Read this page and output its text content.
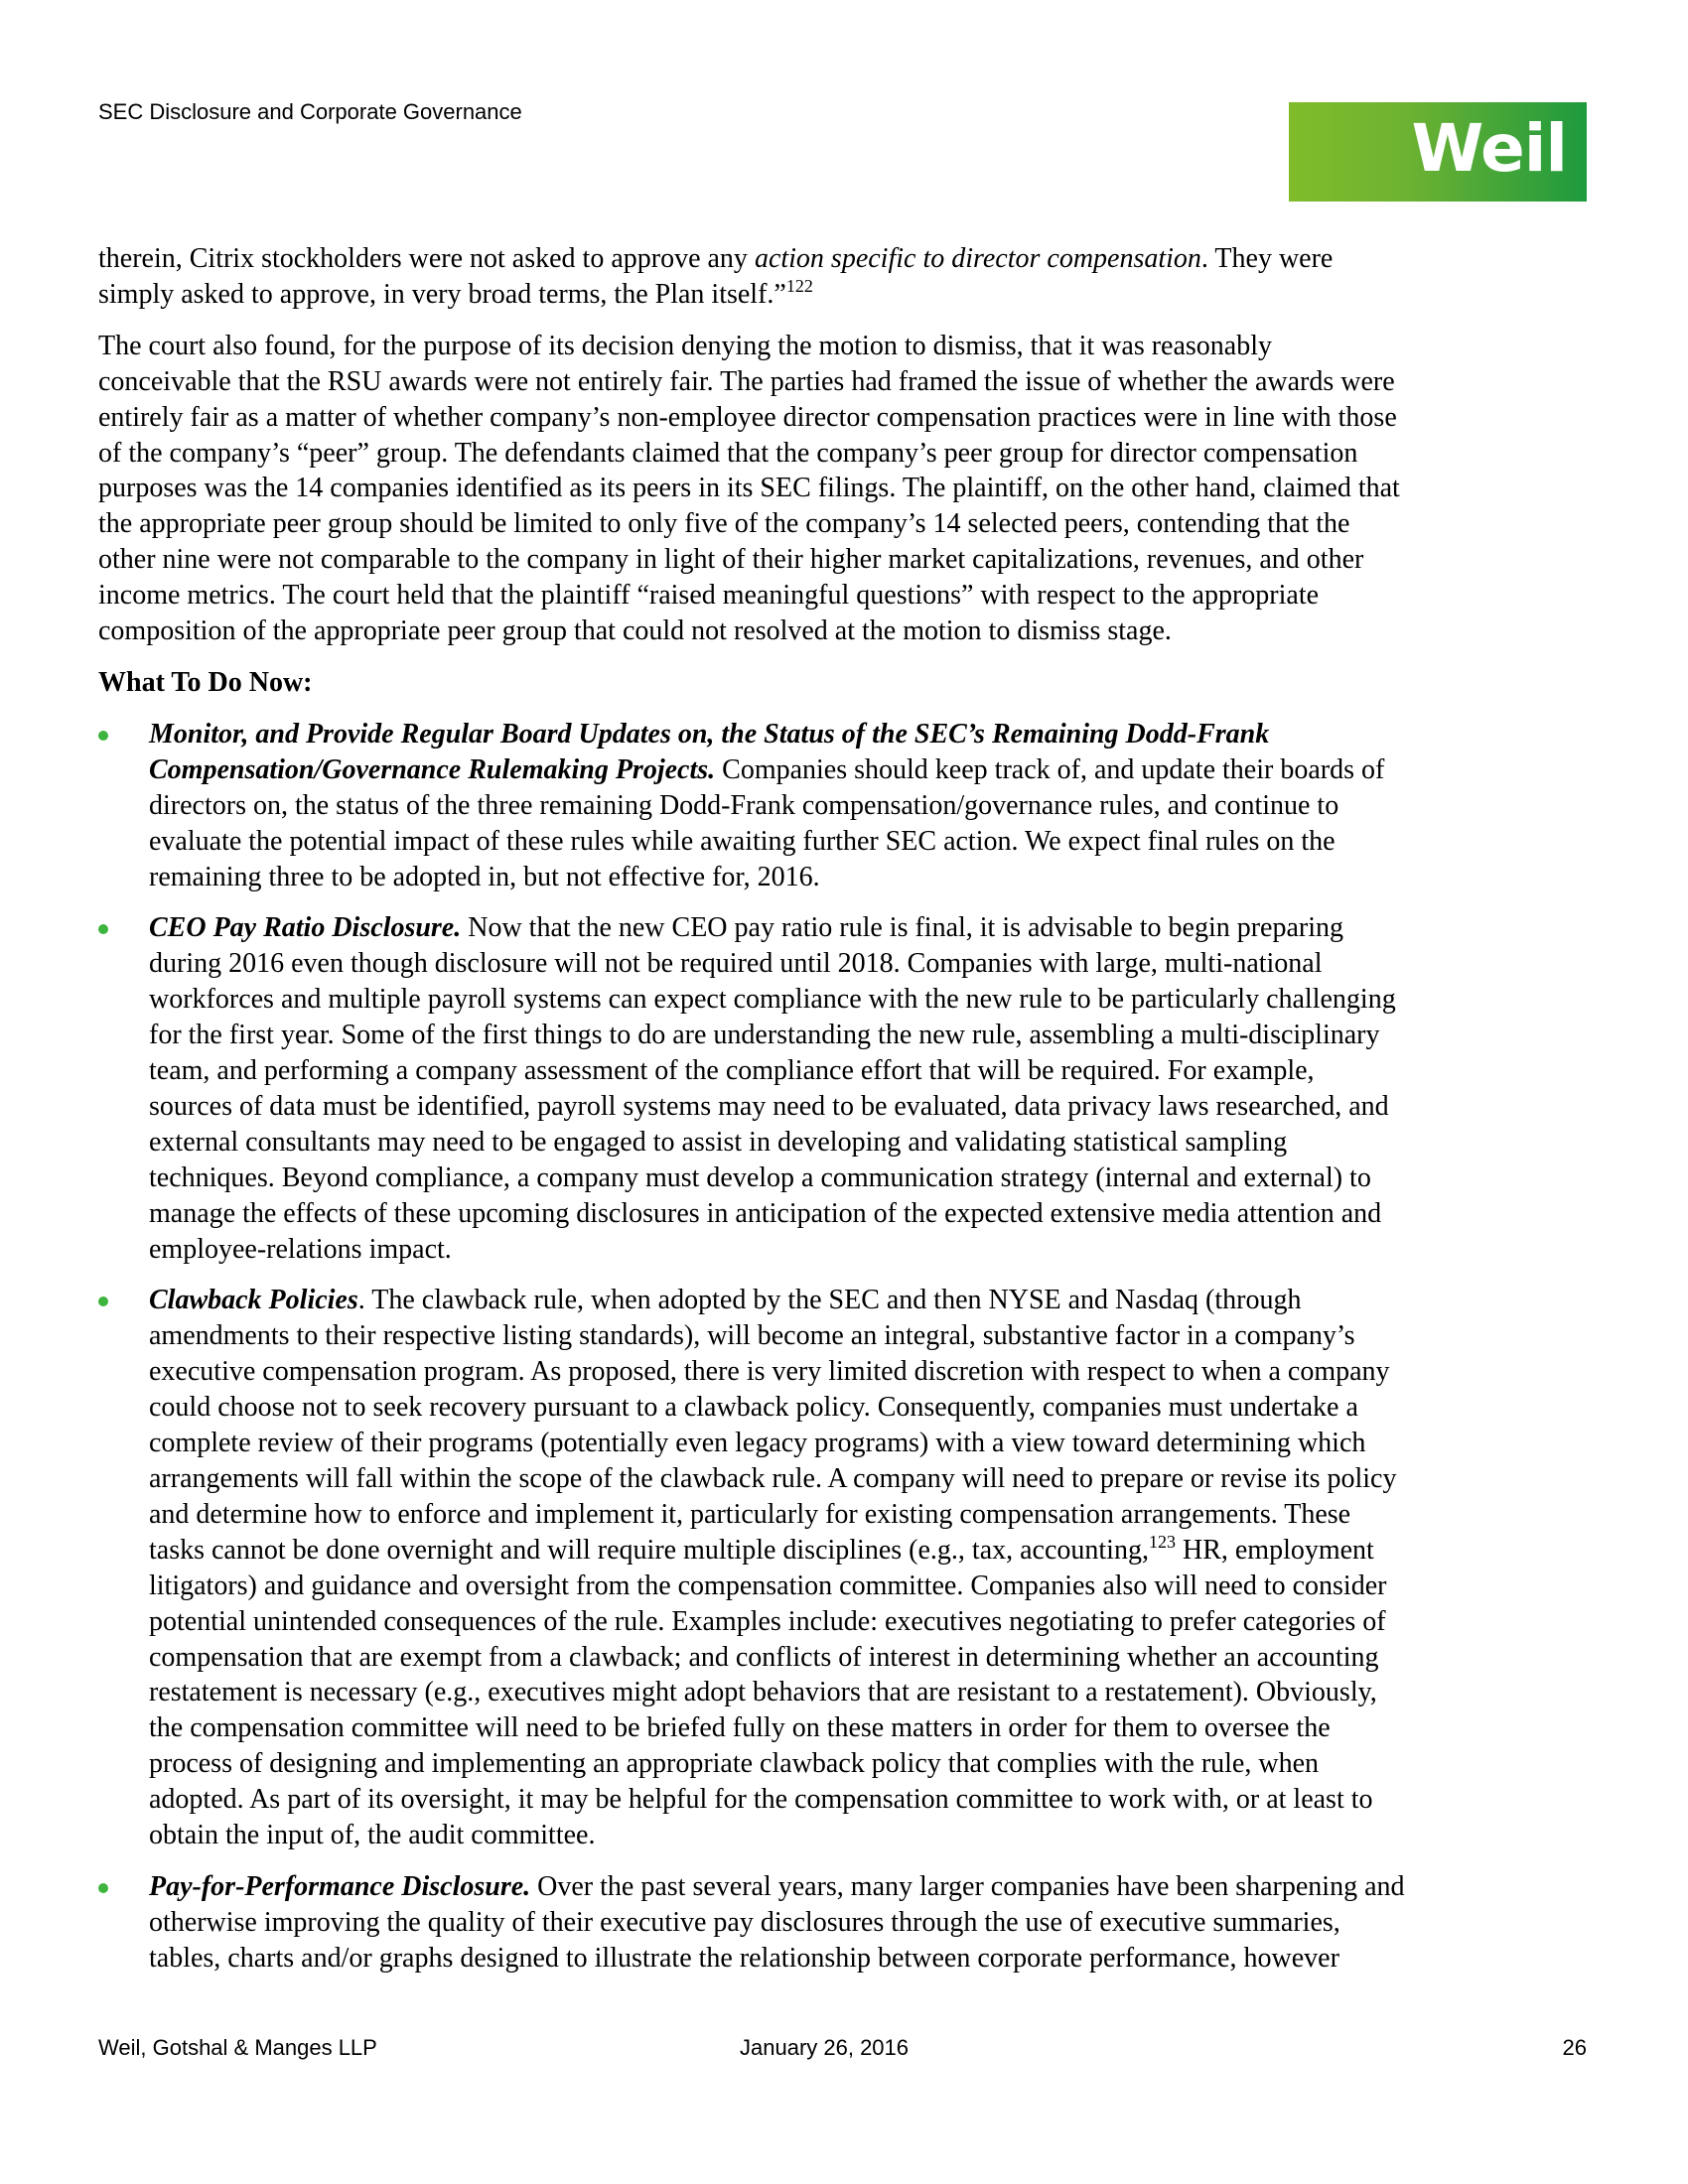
SEC Disclosure and Corporate Governance	Weil
therein, Citrix stockholders were not asked to approve any action specific to director compensation. They were
simply asked to approve, in very broad terms, the Plan itself.”$^{122}$
The court also found, for the purpose of its decision denying the motion to dismiss, that it was reasonably
conceivable that the RSU awards were not entirely fair. The parties had framed the issue of whether the awards were
entirely fair as a matter of whether company’s non-employee director compensation practices were in line with those
of the company’s “peer” group. The defendants claimed that the company’s peer group for director compensation
purposes was the 14 companies identified as its peers in its SEC filings. The plaintiff, on the other hand, claimed that
the appropriate peer group should be limited to only five of the company’s 14 selected peers, contending that the
other nine were not comparable to the company in light of their higher market capitalizations, revenues, and other
income metrics. The court held that the plaintiff “raised meaningful questions” with respect to the appropriate
composition of the appropriate peer group that could not resolved at the motion to dismiss stage.
What To Do Now:
Monitor, and Provide Regular Board Updates on, the Status of the SEC’s Remaining Dodd-Frank
Compensation/Governance Rulemaking Projects. Companies should keep track of, and update their boards of
directors on, the status of the three remaining Dodd-Frank compensation/governance rules, and continue to
evaluate the potential impact of these rules while awaiting further SEC action. We expect final rules on the
remaining three to be adopted in, but not effective for, 2016.
CEO Pay Ratio Disclosure. Now that the new CEO pay ratio rule is final, it is advisable to begin preparing
during 2016 even though disclosure will not be required until 2018. Companies with large, multi-national
workforces and multiple payroll systems can expect compliance with the new rule to be particularly challenging
for the first year. Some of the first things to do are understanding the new rule, assembling a multi-disciplinary
team, and performing a company assessment of the compliance effort that will be required. For example,
sources of data must be identified, payroll systems may need to be evaluated, data privacy laws researched, and
external consultants may need to be engaged to assist in developing and validating statistical sampling
techniques. Beyond compliance, a company must develop a communication strategy (internal and external) to
manage the effects of these upcoming disclosures in anticipation of the expected extensive media attention and
employee-relations impact.
Clawback Policies. The clawback rule, when adopted by the SEC and then NYSE and Nasdaq (through
amendments to their respective listing standards), will become an integral, substantive factor in a company’s
executive compensation program. As proposed, there is very limited discretion with respect to when a company
could choose not to seek recovery pursuant to a clawback policy. Consequently, companies must undertake a
complete review of their programs (potentially even legacy programs) with a view toward determining which
arrangements will fall within the scope of the clawback rule. A company will need to prepare or revise its policy
and determine how to enforce and implement it, particularly for existing compensation arrangements. These
tasks cannot be done overnight and will require multiple disciplines (e.g., tax, accounting,$^{123}$ HR, employment
litigators) and guidance and oversight from the compensation committee. Companies also will need to consider
potential unintended consequences of the rule. Examples include: executives negotiating to prefer categories of
compensation that are exempt from a clawback; and conflicts of interest in determining whether an accounting
restatement is necessary (e.g., executives might adopt behaviors that are resistant to a restatement). Obviously,
the compensation committee will need to be briefed fully on these matters in order for them to oversee the
process of designing and implementing an appropriate clawback policy that complies with the rule, when
adopted. As part of its oversight, it may be helpful for the compensation committee to work with, or at least to
obtain the input of, the audit committee.
Pay-for-Performance Disclosure. Over the past several years, many larger companies have been sharpening and
otherwise improving the quality of their executive pay disclosures through the use of executive summaries,
tables, charts and/or graphs designed to illustrate the relationship between corporate performance, however
Weil, Gotshal & Manges LLP	January 26, 2016	26
